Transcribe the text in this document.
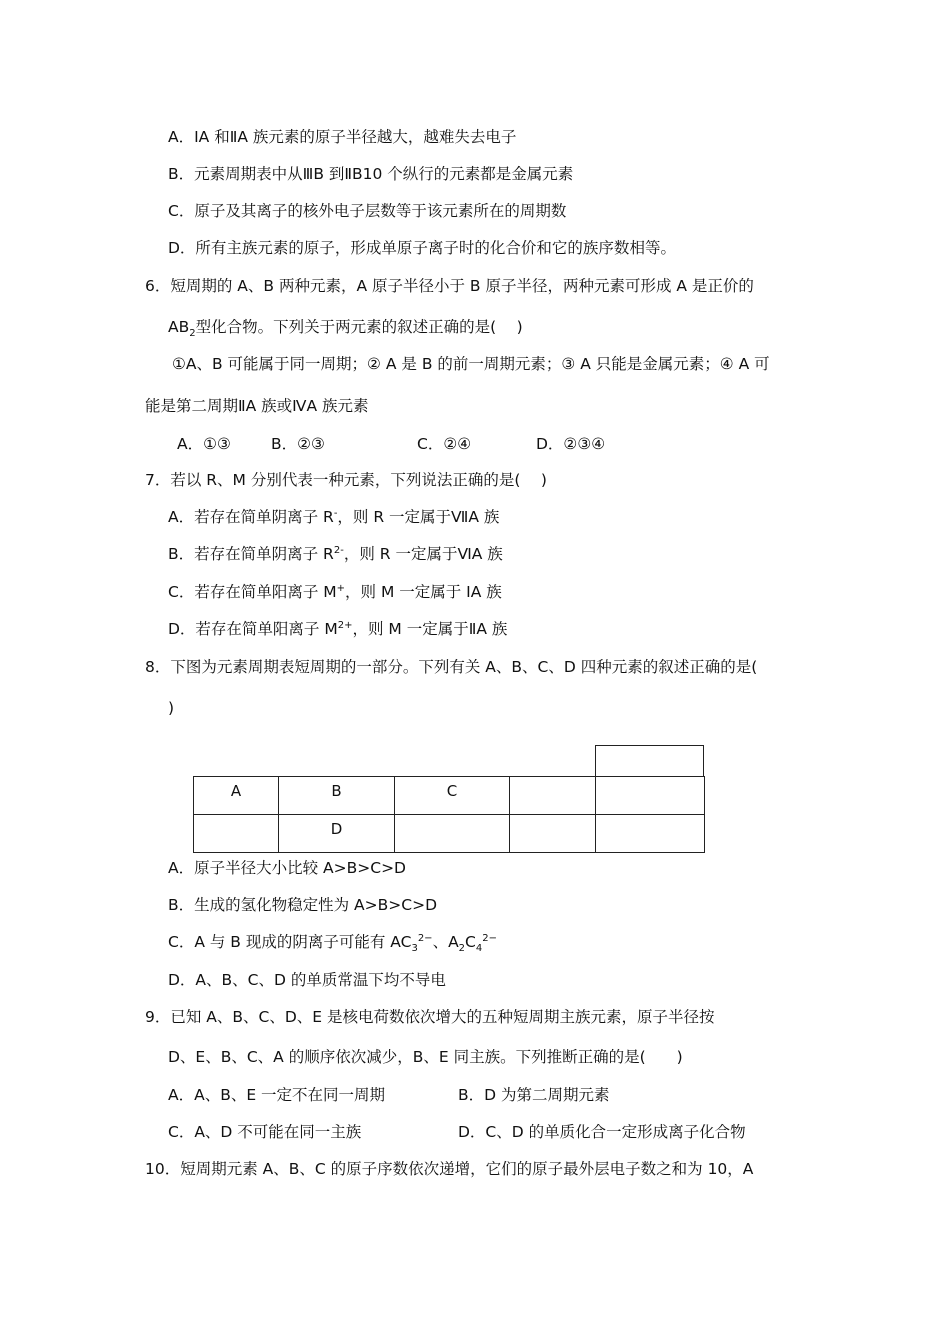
A．ⅠA 和ⅡA 族元素的原子半径越大，越难失去电子
B．元素周期表中从ⅢB 到ⅡB10 个纵行的元素都是金属元素
C．原子及其离子的核外电子层数等于该元素所在的周期数
D．所有主族元素的原子，形成单原子离子时的化合价和它的族序数相等。
6．短周期的 A、B 两种元素，A 原子半径小于 B 原子半径，两种元素可形成 A 是正价的
$AB_2$型化合物。下列关于两元素的叙述正确的是(　 )
①A、B 可能属于同一周期；② A 是 B 的前一周期元素；③ A 只能是金属元素；④ A 可
能是第二周期ⅡA 族或ⅣA 族元素
A．①③	B．②③	C．②④	D．②③④
7．若以 R、M 分别代表一种元素，下列说法正确的是(　 )
A．若存在简单阴离子 R-，则 R 一定属于ⅦA 族
B．若存在简单阴离子 $R^{2-}$，则 R 一定属于ⅥA 族
C．若存在简单阳离子 M+，则 M 一定属于 IA 族
D．若存在简单阳离子 $M^{2+}$，则 M 一定属于ⅡA 族
8．下图为元素周期表短周期的一部分。下列有关 A、B、C、D 四种元素的叙述正确的是(
)
A	B	C		
	D			
A．原子半径大小比较 A>B>C>D
B．生成的氢化物稳定性为 A>B>C>D
C．A 与 B 现成的阴离子可能有 $AC_3^{2-}$、$A_2C_4^{2-}$
D．A、B、C、D 的单质常温下均不导电
9．已知 A、B、C、D、E 是核电荷数依次增大的五种短周期主族元素，原子半径按
D、E、B、C、A 的顺序依次减少，B、E 同主族。下列推断正确的是(　　)
A．A、B、E 一定不在同一周期	B．D 为第二周期元素
C．A、D 不可能在同一主族	D．C、D 的单质化合一定形成离子化合物
10．短周期元素 A、B、C 的原子序数依次递增，它们的原子最外层电子数之和为 10，A
